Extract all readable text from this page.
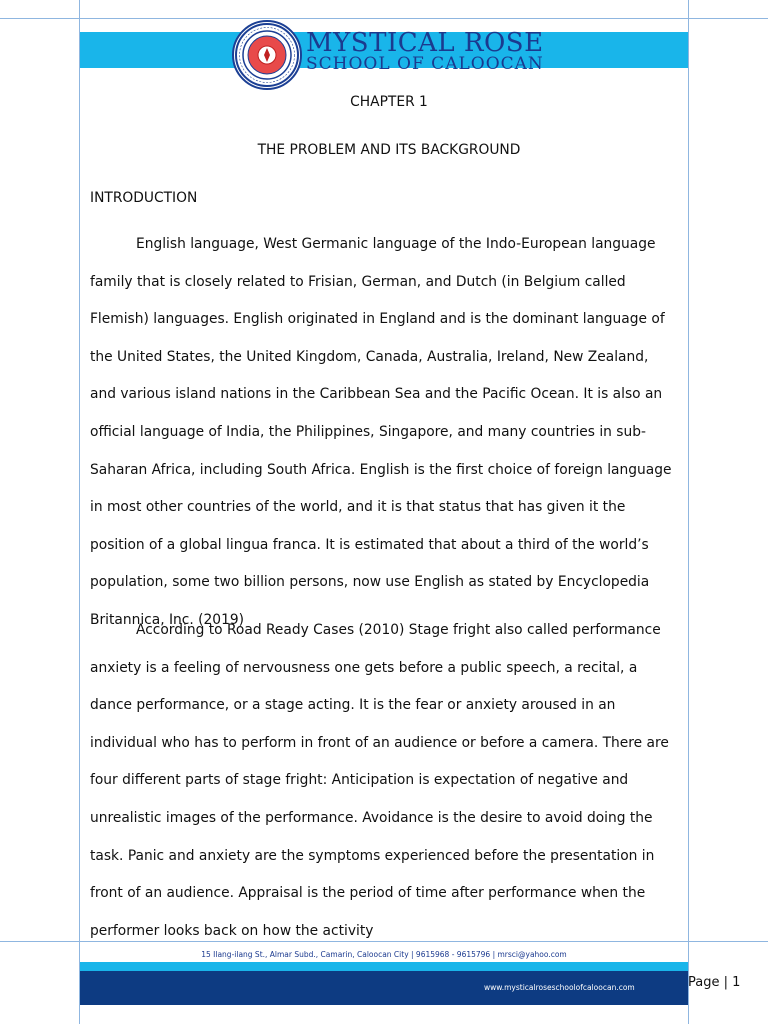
MYSTICAL ROSE
SCHOOL OF CALOOCAN
CHAPTER 1
THE PROBLEM AND ITS BACKGROUND
INTRODUCTION
English language, West Germanic language of the Indo-European language family that is closely related to Frisian, German, and Dutch (in Belgium called Flemish) languages. English originated in England and is the dominant language of the United States, the United Kingdom, Canada, Australia, Ireland, New Zealand, and various island nations in the Caribbean Sea and the Pacific Ocean. It is also an official language of India, the Philippines, Singapore, and many countries in sub-Saharan Africa, including South Africa. English is the first choice of foreign language in most other countries of the world, and it is that status that has given it the position of a global lingua franca. It is estimated that about a third of the world’s population, some two billion persons, now use English as stated by Encyclopedia Britannica, Inc. (2019)
According to Road Ready Cases (2010) Stage fright also called performance anxiety is a feeling of nervousness one gets before a public speech, a recital, a dance performance, or a stage acting. It is the fear or anxiety aroused in an individual who has to perform in front of an audience or before a camera. There are four different parts of stage fright: Anticipation is expectation of negative and unrealistic images of the performance. Avoidance is the desire to avoid doing the task. Panic and anxiety are the symptoms experienced before the presentation in front of an audience. Appraisal is the period of time after performance when the performer looks back on how the activity
15 Ilang-ilang St., Almar Subd., Camarin, Caloocan City | 9615968 - 9615796 | mrsci@yahoo.com
www.mysticalroseschoolofcaloocan.com	Page | 1
